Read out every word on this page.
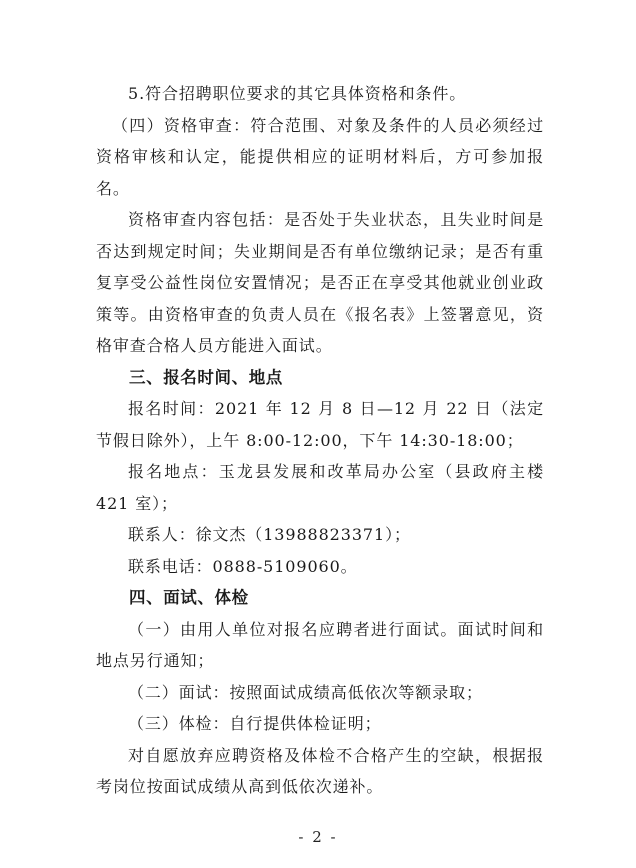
5.符合招聘职位要求的其它具体资格和条件。

（四）资格审查：符合范围、对象及条件的人员必须经过资格审核和认定，能提供相应的证明材料后，方可参加报名。

资格审查内容包括：是否处于失业状态，且失业时间是否达到规定时间；失业期间是否有单位缴纳记录；是否有重复享受公益性岗位安置情况；是否正在享受其他就业创业政策等。由资格审查的负责人员在《报名表》上签署意见，资格审查合格人员方能进入面试。

三、报名时间、地点

报名时间：2021 年 12 月 8 日—12 月 22 日（法定节假日除外），上午 8:00-12:00，下午 14:30-18:00；

报名地点：玉龙县发展和改革局办公室（县政府主楼 421 室）；

联系人：徐文杰（13988823371）；

联系电话：0888-5109060。

四、面试、体检

（一）由用人单位对报名应聘者进行面试。面试时间和地点另行通知；

（二）面试：按照面试成绩高低依次等额录取；

（三）体检：自行提供体检证明；

对自愿放弃应聘资格及体检不合格产生的空缺，根据报考岗位按面试成绩从高到低依次递补。

- 2 -
